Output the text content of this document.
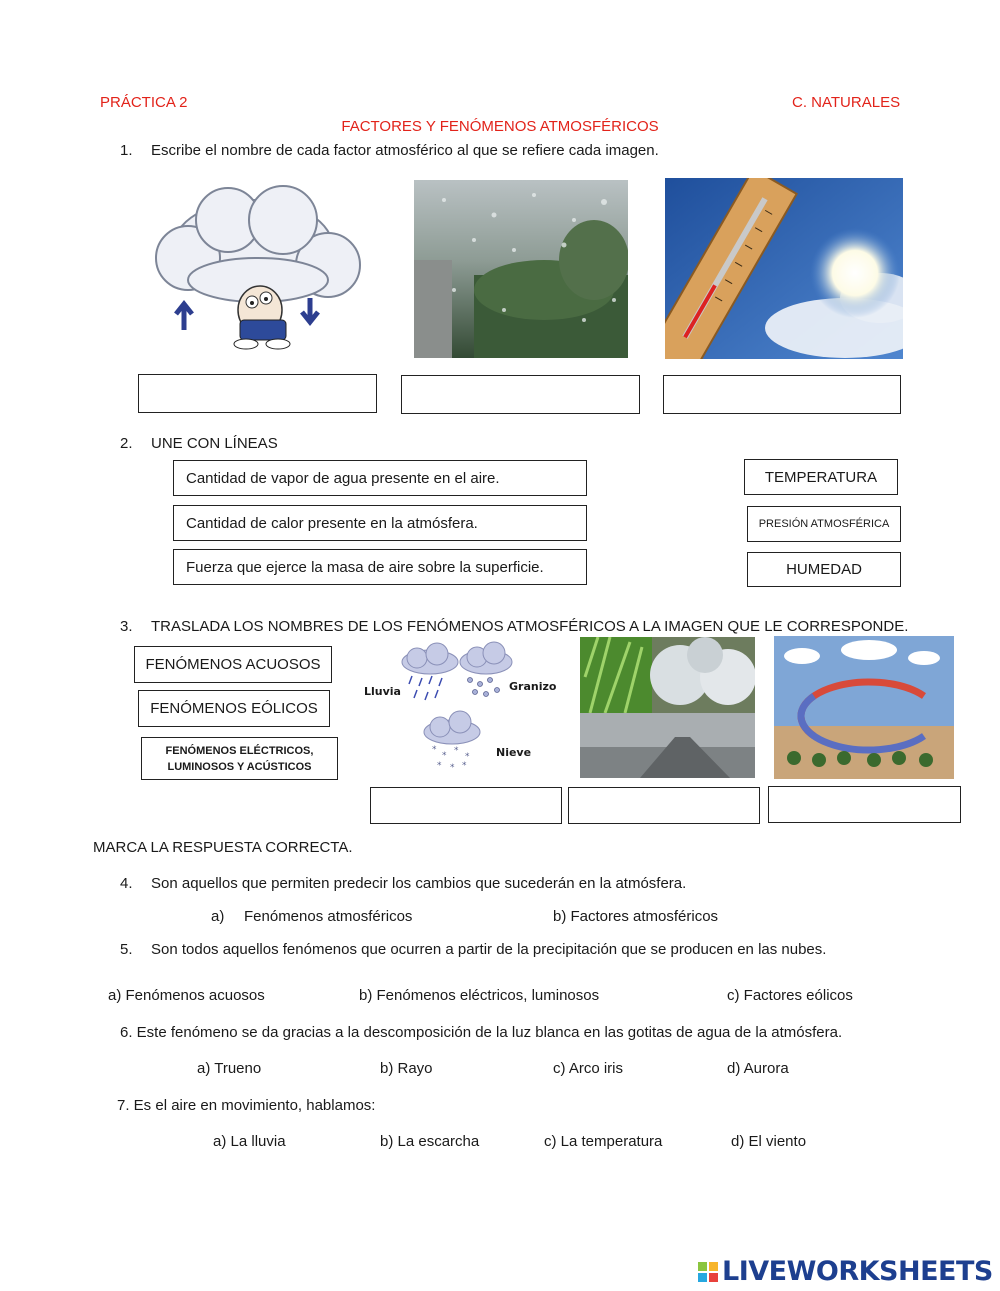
PRÁCTICA 2	C. NATURALES
FACTORES Y FENÓMENOS ATMOSFÉRICOS
1. Escribe el nombre de cada factor atmosférico al que se refiere cada imagen.
2. UNE CON LÍNEAS
Cantidad de vapor de agua presente en el aire.
Cantidad de calor presente en la atmósfera.
Fuerza que ejerce la masa de aire sobre la superficie.
TEMPERATURA
PRESIÓN ATMOSFÉRICA
HUMEDAD
3. TRASLADA LOS NOMBRES DE LOS FENÓMENOS ATMOSFÉRICOS A LA IMAGEN QUE LE CORRESPONDE.
FENÓMENOS ACUOSOS
FENÓMENOS EÓLICOS
FENÓMENOS ELÉCTRICOS,
LUMINOSOS Y ACÚSTICOS
*
* *
*
* * *
Lluvia	Granizo
Nieve
MARCA LA RESPUESTA CORRECTA.
4. Son aquellos que permiten predecir los cambios que sucederán en la atmósfera.
a) Fenómenos atmosféricos	b) Factores atmosféricos
5. Son todos aquellos fenómenos que ocurren a partir de la precipitación que se producen en las nubes.
a) Fenómenos acuosos	b) Fenómenos eléctricos, luminosos	c) Factores eólicos
6. Este fenómeno se da gracias a la descomposición de la luz blanca en las gotitas de agua de la atmósfera.
a) Trueno	b) Rayo	c) Arco iris	d) Aurora
7. Es el aire en movimiento, hablamos:
a) La lluvia	b) La escarcha	c) La temperatura	d) El viento
LIVEWORKSHEETS
